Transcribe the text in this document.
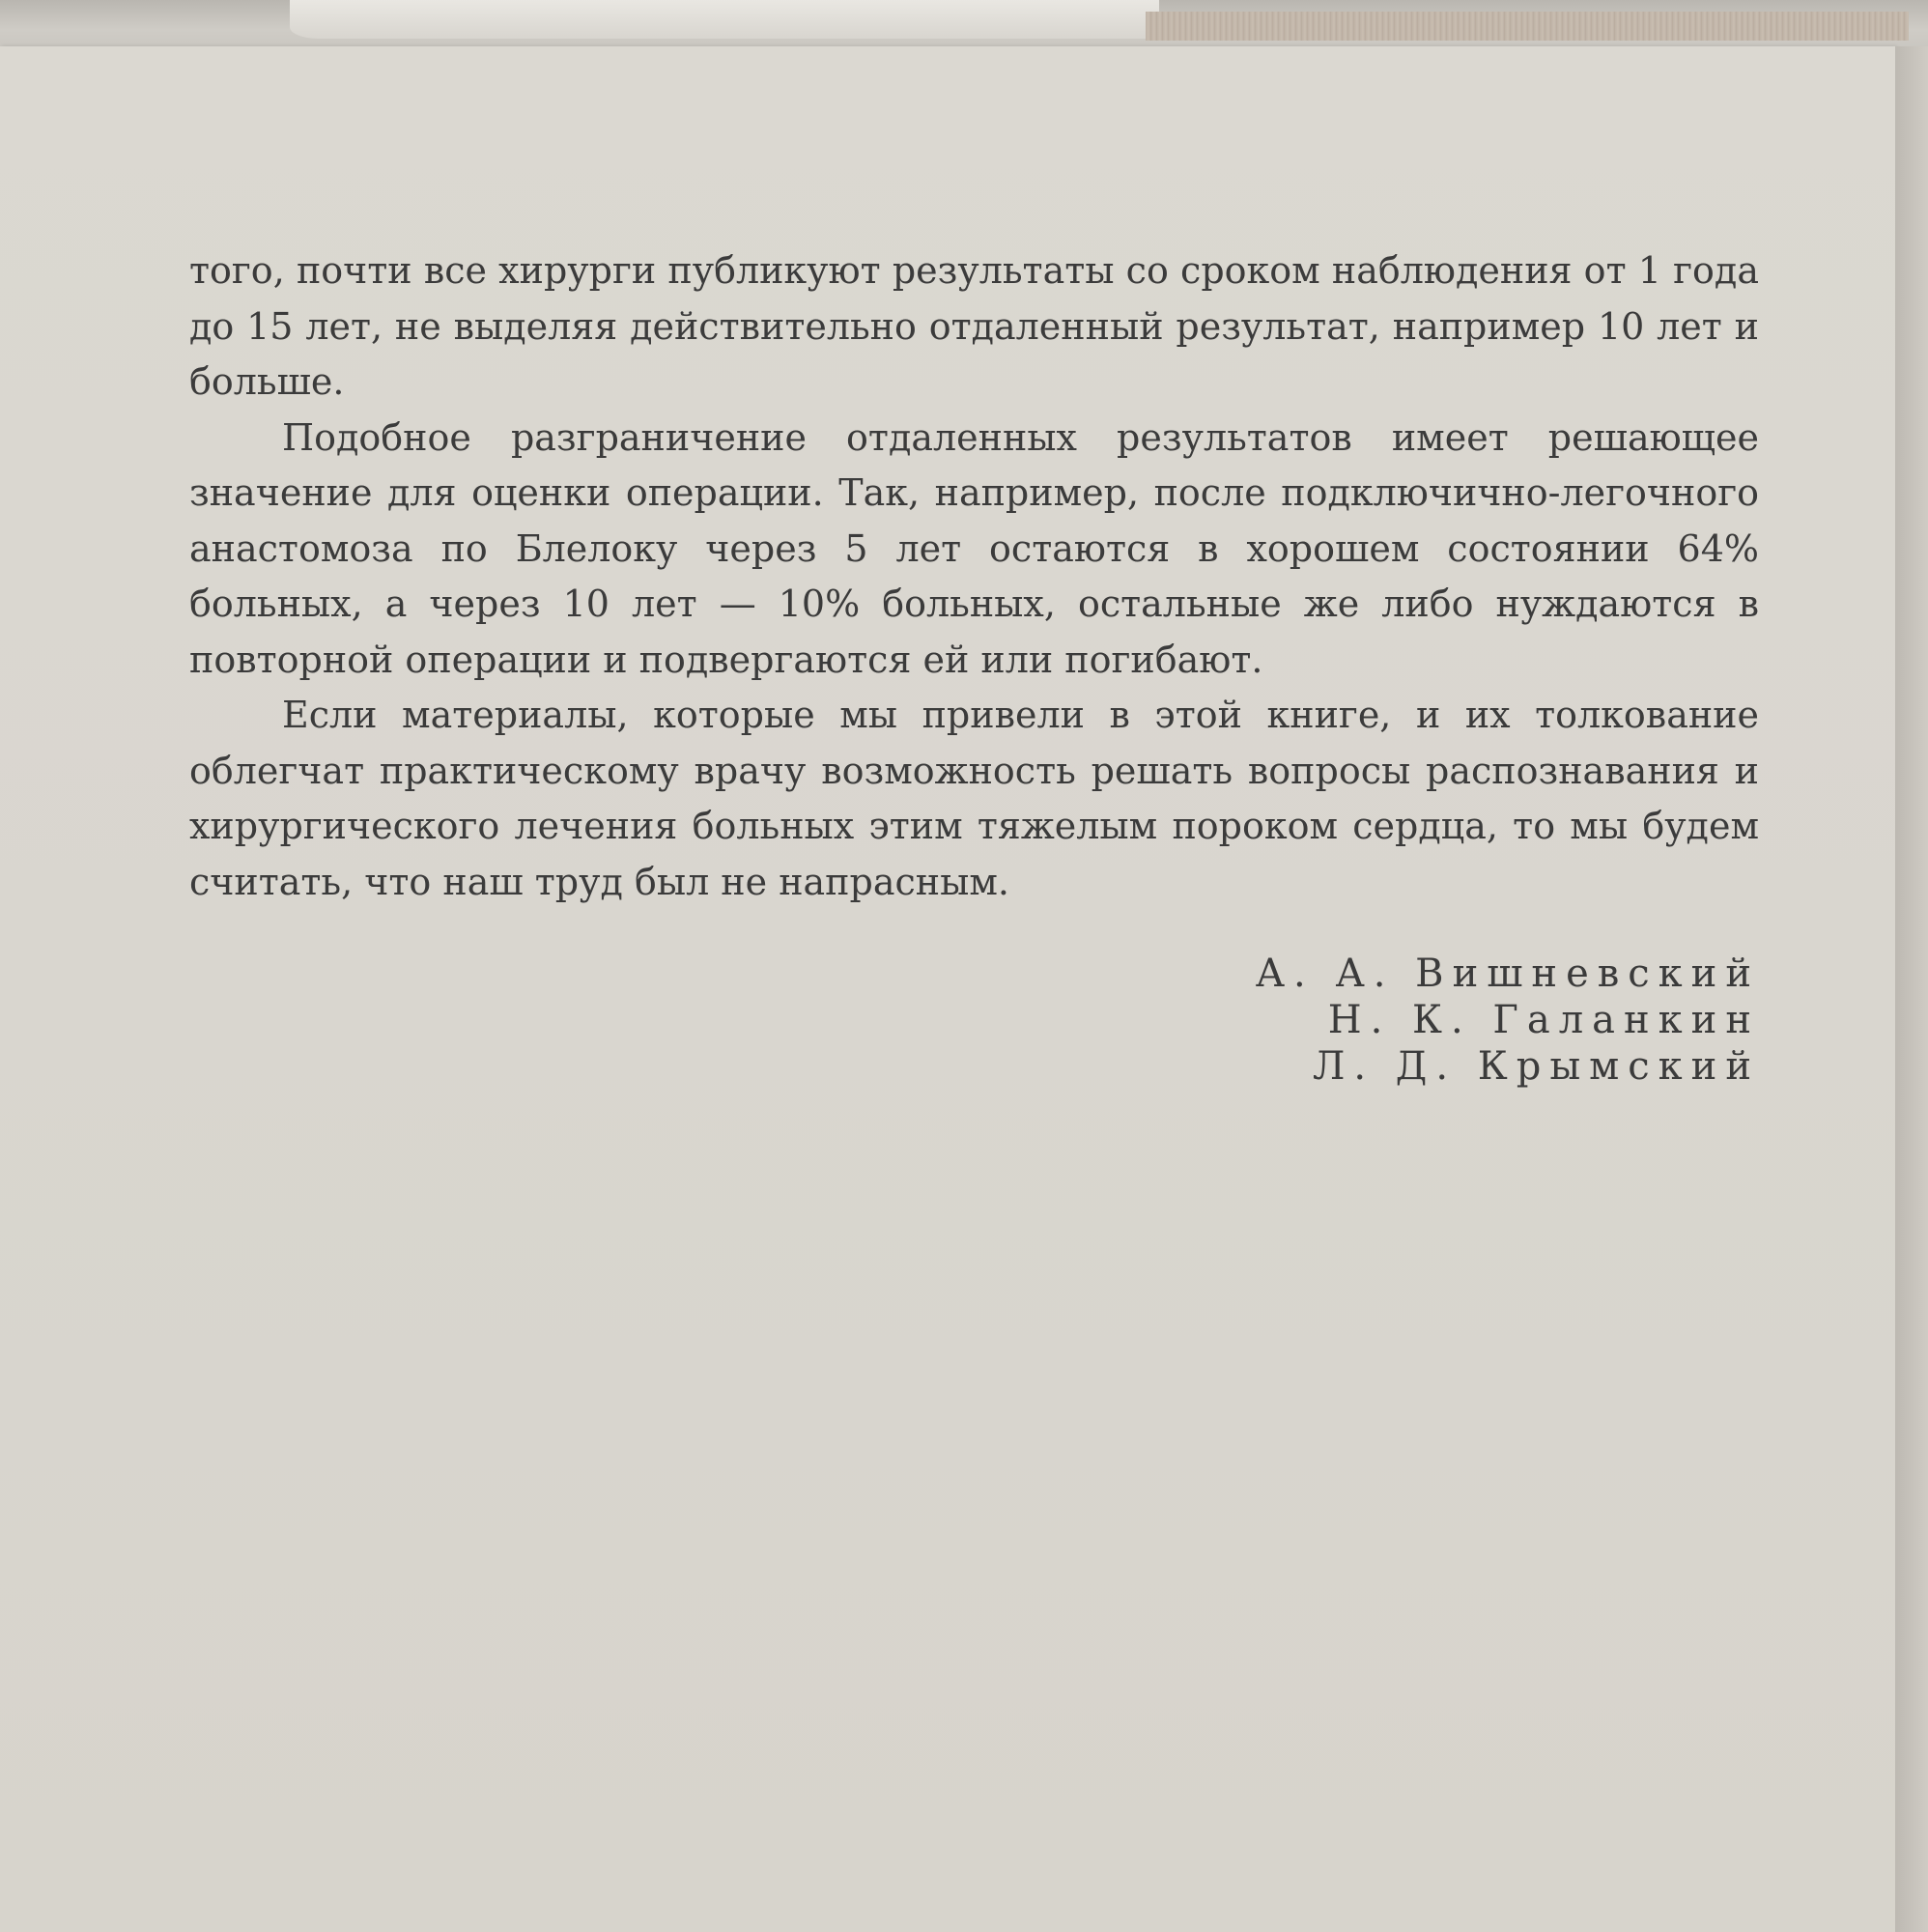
того, почти все хирурги публикуют результаты со сроком наблюдения от 1 года до 15 лет, не выделяя действительно отдаленный результат, например 10 лет и больше.

Подобное разграничение отдаленных результатов имеет решающее значение для оценки операции. Так, например, после подключично-легочного анастомоза по Блелоку через 5 лет остаются в хорошем состоянии 64% больных, а через 10 лет — 10% больных, остальные же либо нуждаются в повторной операции и подвергаются ей или погибают.

Если материалы, которые мы привели в этой книге, и их толкование облегчат практическому врачу возможность решать вопросы распознавания и хирургического лечения больных этим тяжелым пороком сердца, то мы будем считать, что наш труд был не напрасным.

А. А. Вишневский
Н. К. Галанкин
Л. Д. Крымский
